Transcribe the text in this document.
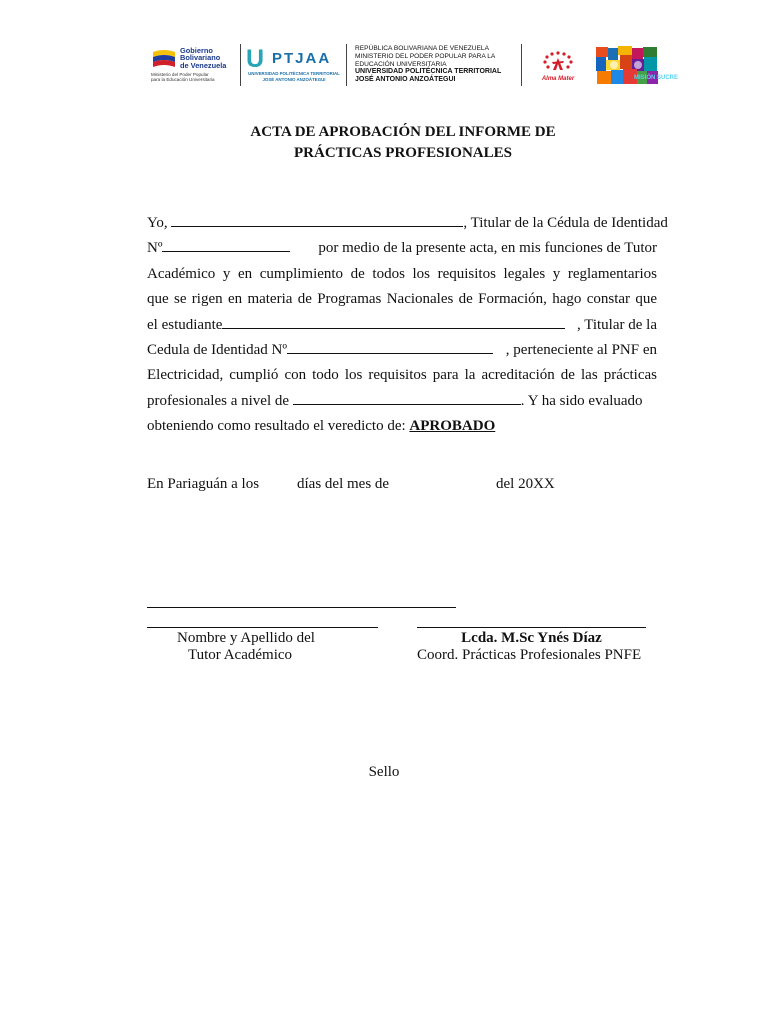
Gobierno
Bolivariano
de Venezuela
Ministerio del Poder Popular
para la Educación Universitaria
U PTJAA
UNIVERSIDAD POLITÉCNICA TERRITORIAL
JOSÉ ANTONIO ANZOÁTEGUI
REPÚBLICA BOLIVARIANA DE VENEZUELA
MINISTERIO DEL PODER POPULAR PARA LA
EDUCACIÓN UNIVERSITARIA
UNIVERSIDAD POLITÉCNICA TERRITORIAL
JOSÉ ANTONIO ANZOÁTEGUI	Alma Mater	MISIÓN SUCRE
ACTA DE APROBACIÓN DEL INFORME DE
PRÁCTICAS PROFESIONALES
Yo,	, Titular de la Cédula de Identidad
Nº	por medio de la presente acta, en mis funciones de Tutor
Académico y en cumplimiento de todos los requisitos legales y reglamentarios
que se rigen en materia de Programas Nacionales de Formación, hago constar que
el estudiante	, Titular de la
Cedula de Identidad Nº	, perteneciente al PNF en
Electricidad, cumplió con todo los requisitos para la acreditación de las prácticas
profesionales a nivel de	. Y ha sido evaluado
obteniendo como resultado el veredicto de: APROBADO
En Pariaguán a los	días del mes de	del 20XX
Nombre y Apellido del
Tutor Académico
Lcda. M.Sc Ynés Díaz
Coord. Prácticas Profesionales PNFE
Sello
